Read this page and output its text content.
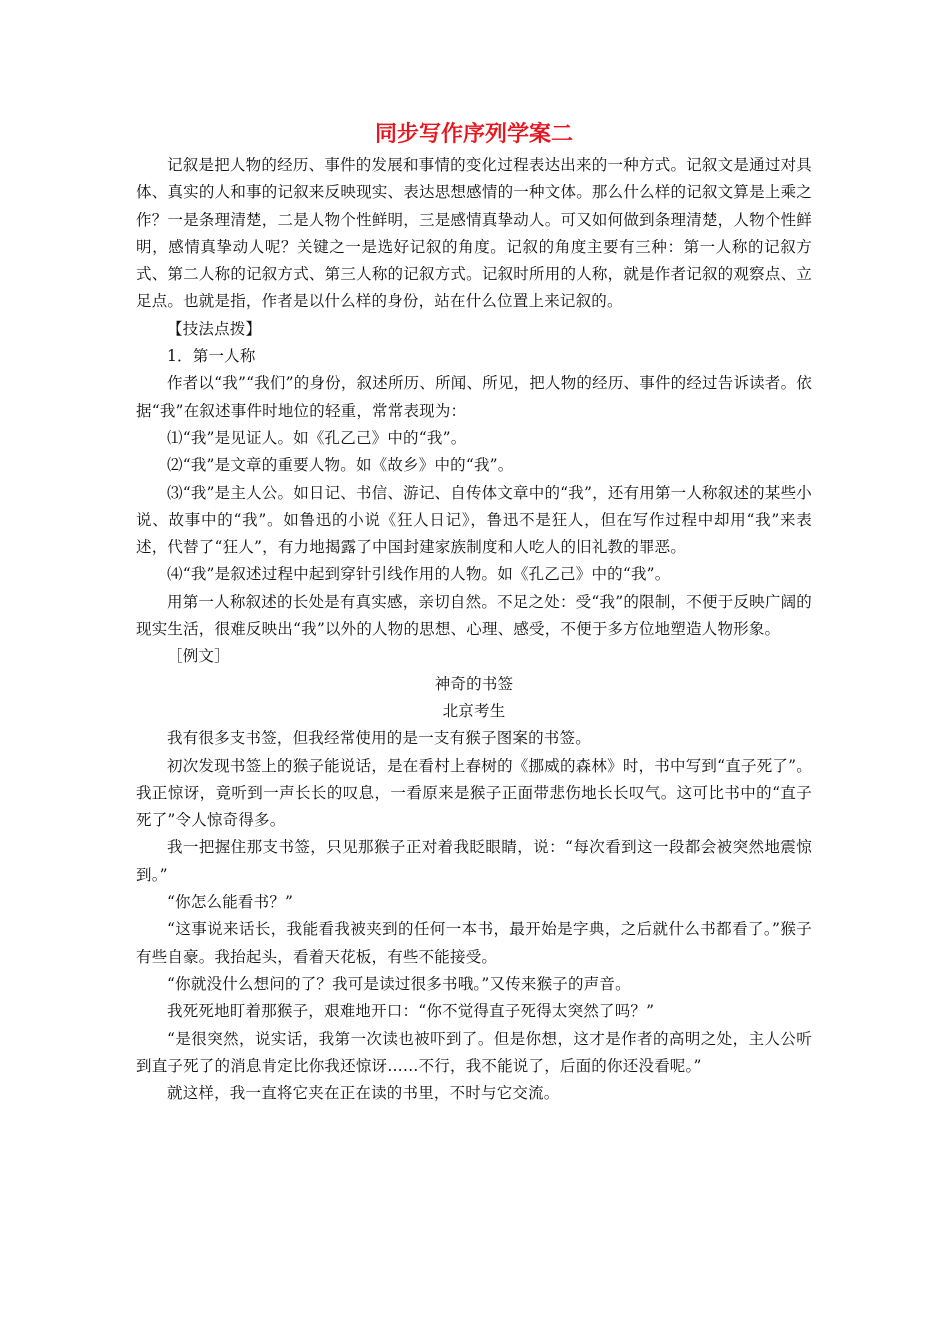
同步写作序列学案二

记叙是把人物的经历、事件的发展和事情的变化过程表达出来的一种方式。记叙文是通过对具体、真实的人和事的记叙来反映现实、表达思想感情的一种文体。那么什么样的记叙文算是上乘之作？一是条理清楚，二是人物个性鲜明，三是感情真挚动人。可又如何做到条理清楚，人物个性鲜明，感情真挚动人呢？关键之一是选好记叙的角度。记叙的角度主要有三种：第一人称的记叙方式、第二人称的记叙方式、第三人称的记叙方式。记叙时所用的人称，就是作者记叙的观察点、立足点。也就是指，作者是以什么样的身份，站在什么位置上来记叙的。

【技法点拨】

1．第一人称

作者以“我”“我们”的身份，叙述所历、所闻、所见，把人物的经历、事件的经过告诉读者。依据“我”在叙述事件时地位的轻重，常常表现为：

⑴“我”是见证人。如《孔乙己》中的“我”。

⑵“我”是文章的重要人物。如《故乡》中的“我”。

⑶“我”是主人公。如日记、书信、游记、自传体文章中的“我”，还有用第一人称叙述的某些小说、故事中的“我”。如鲁迅的小说《狂人日记》，鲁迅不是狂人，但在写作过程中却用“我”来表述，代替了“狂人”，有力地揭露了中国封建家族制度和人吃人的旧礼教的罪恶。

⑷“我”是叙述过程中起到穿针引线作用的人物。如《孔乙己》中的“我”。

用第一人称叙述的长处是有真实感，亲切自然。不足之处：受“我”的限制，不便于反映广阔的现实生活，很难反映出“我”以外的人物的思想、心理、感受，不便于多方位地塑造人物形象。

［例文］

神奇的书签

北京考生

我有很多支书签，但我经常使用的是一支有猴子图案的书签。

初次发现书签上的猴子能说话，是在看村上春树的《挪威的森林》时，书中写到“直子死了”。我正惊讶，竟听到一声长长的叹息，一看原来是猴子正面带悲伤地长长叹气。这可比书中的“直子死了”令人惊奇得多。

我一把握住那支书签，只见那猴子正对着我眨眼睛，说：“每次看到这一段都会被突然地震惊到。”

“你怎么能看书？”

“这事说来话长，我能看我被夹到的任何一本书，最开始是字典，之后就什么书都看了。”猴子有些自豪。我抬起头，看着天花板，有些不能接受。

“你就没什么想问的了？我可是读过很多书哦。”又传来猴子的声音。

我死死地盯着那猴子，艰难地开口：“你不觉得直子死得太突然了吗？”

“是很突然，说实话，我第一次读也被吓到了。但是你想，这才是作者的高明之处，主人公听到直子死了的消息肯定比你我还惊讶……不行，我不能说了，后面的你还没看呢。”

就这样，我一直将它夹在正在读的书里，不时与它交流。
